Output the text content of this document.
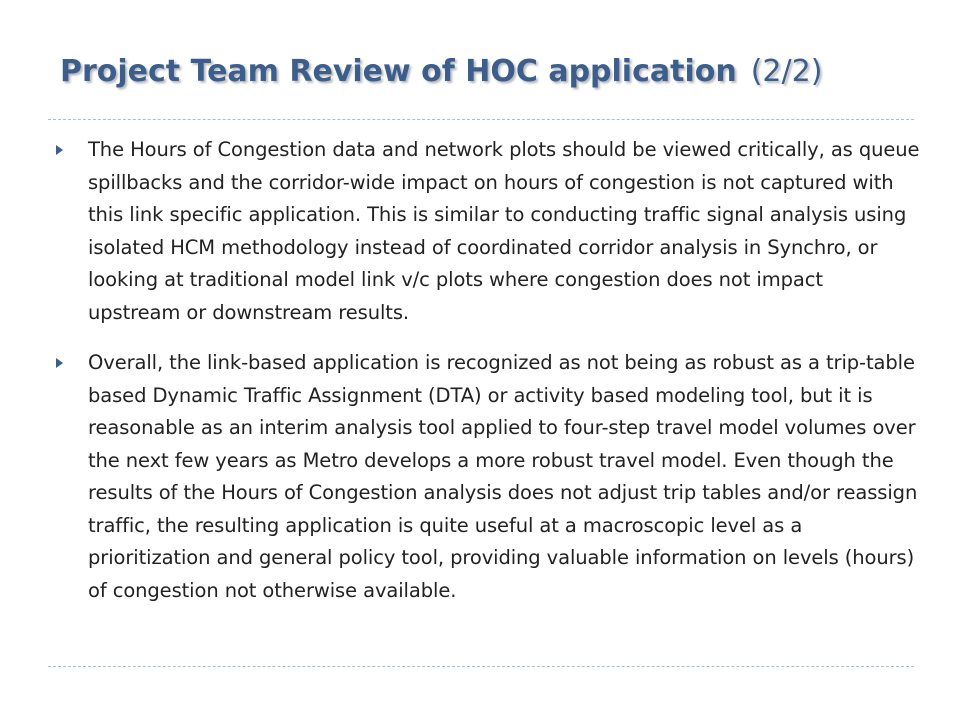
Project Team Review of HOC application (2/2)
The Hours of Congestion data and network plots should be viewed critically, as queue spillbacks and the corridor-wide impact on hours of congestion is not captured with this link specific application. This is similar to conducting traffic signal analysis using isolated HCM methodology instead of coordinated corridor analysis in Synchro, or looking at traditional model link v/c plots where congestion does not impact upstream or downstream results.
Overall, the link-based application is recognized as not being as robust as a trip-table based Dynamic Traffic Assignment (DTA) or activity based modeling tool, but it is reasonable as an interim analysis tool applied to four-step travel model volumes over the next few years as Metro develops a more robust travel model. Even though the results of the Hours of Congestion analysis does not adjust trip tables and/or reassign traffic, the resulting application is quite useful at a macroscopic level as a prioritization and general policy tool, providing valuable information on levels (hours) of congestion not otherwise available.
